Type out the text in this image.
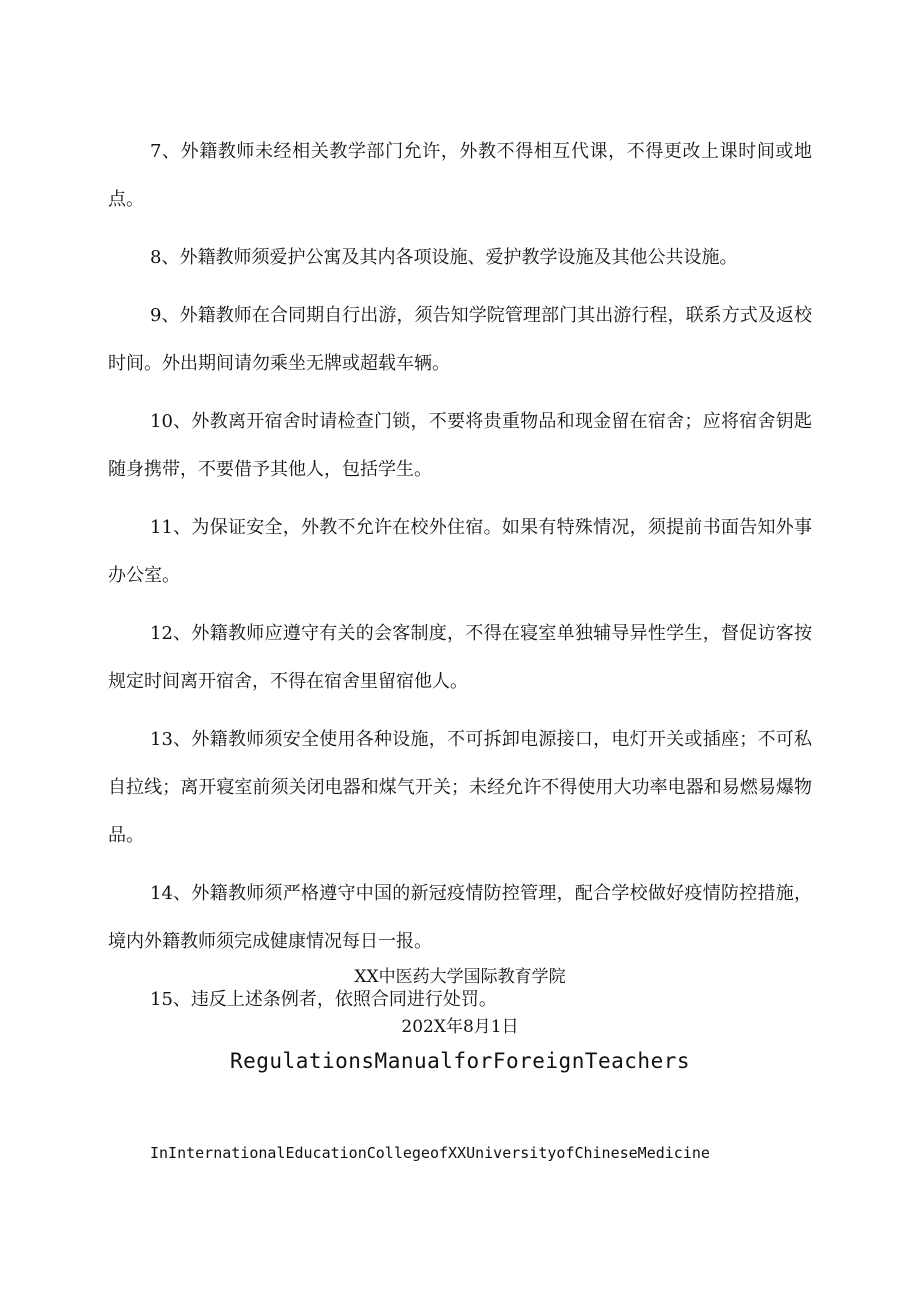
7、外籍教师未经相关教学部门允许，外教不得相互代课，不得更改上课时间或地点。

8、外籍教师须爱护公寓及其内各项设施、爱护教学设施及其他公共设施。

9、外籍教师在合同期自行出游，须告知学院管理部门其出游行程，联系方式及返校时间。外出期间请勿乘坐无牌或超载车辆。

10、外教离开宿舍时请检查门锁，不要将贵重物品和现金留在宿舍；应将宿舍钥匙随身携带，不要借予其他人，包括学生。

11、为保证安全，外教不允许在校外住宿。如果有特殊情况，须提前书面告知外事办公室。

12、外籍教师应遵守有关的会客制度，不得在寝室单独辅导异性学生，督促访客按规定时间离开宿舍，不得在宿舍里留宿他人。

13、外籍教师须安全使用各种设施，不可拆卸电源接口，电灯开关或插座；不可私自拉线；离开寝室前须关闭电器和煤气开关；未经允许不得使用大功率电器和易燃易爆物品。

14、外籍教师须严格遵守中国的新冠疫情防控管理，配合学校做好疫情防控措施，境内外籍教师须完成健康情况每日一报。

15、违反上述条例者，依照合同进行处罚。

XX中医药大学国际教育学院
202X年8月1日
RegulationsManualforForeignTeachers
InInternationalEducationCollegeofXXUniversityofChineseMedicine
